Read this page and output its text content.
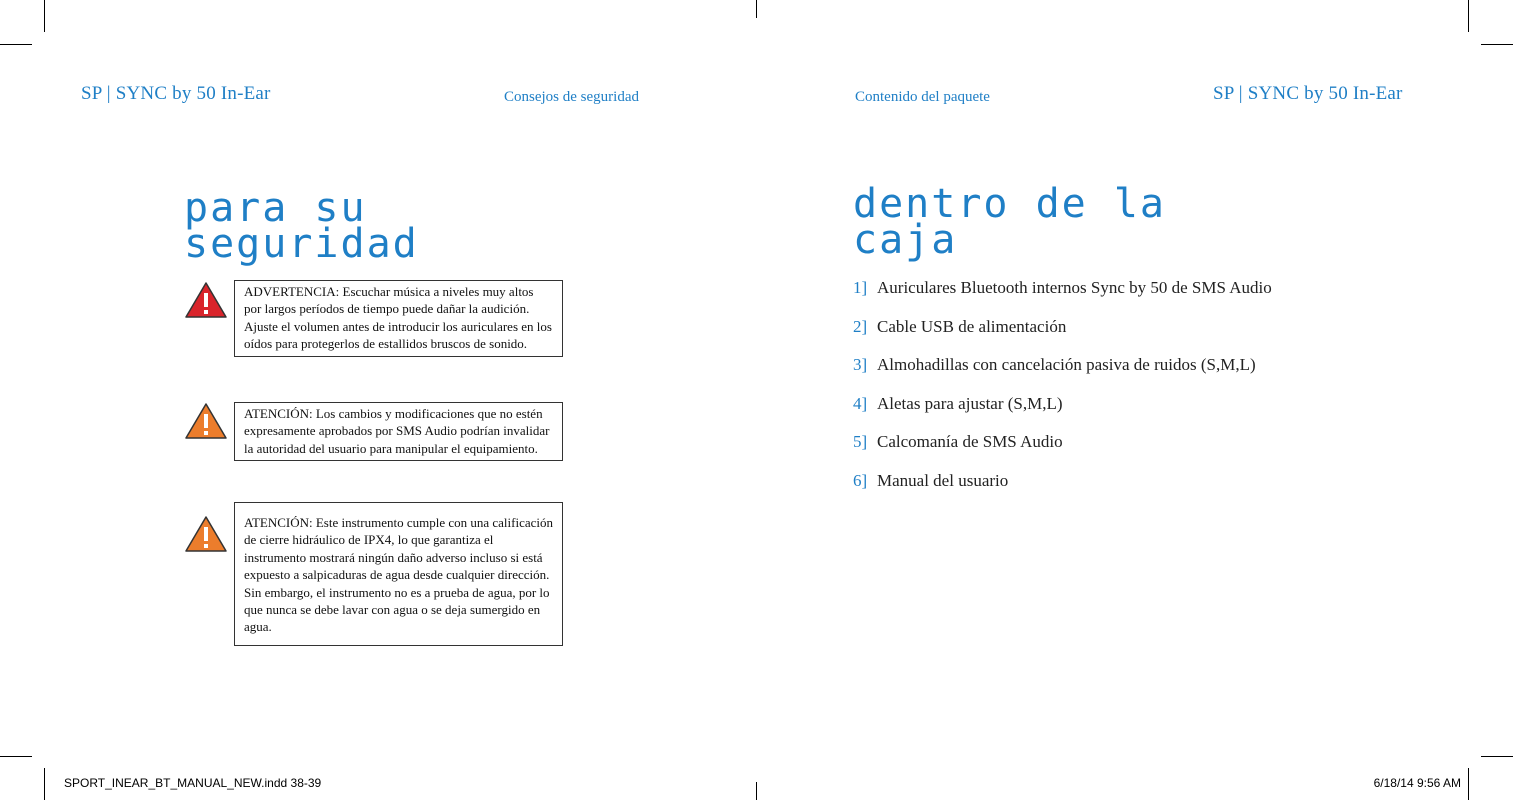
SP | SYNC by 50 In-Ear	Consejos de seguridad
para su
seguridad
ADVERTENCIA: Escuchar música a niveles muy altos por largos períodos de tiempo puede dañar la audición. Ajuste el volumen antes de introducir los auriculares en los oídos para protegerlos de estallidos bruscos de sonido.
ATENCIÓN: Los cambios y modificaciones que no estén expresamente aprobados por SMS Audio podrían invalidar la autoridad del usuario para manipular el equipamiento.
ATENCIÓN: Este instrumento cumple con una calificación de cierre hidráulico de IPX4, lo que garantiza el instrumento mostrará ningún daño adverso incluso si está expuesto a salpicaduras de agua desde cualquier dirección. Sin embargo, el instrumento no es a prueba de agua, por lo que nunca se debe lavar con agua o se deja sumergido en agua.
Contenido del paquete	SP | SYNC by 50 In-Ear
dentro de la
caja
1] Auriculares Bluetooth internos Sync by 50 de SMS Audio
2] Cable USB de alimentación
3] Almohadillas con cancelación pasiva de ruidos (S,M,L)
4] Aletas para ajustar (S,M,L)
5] Calcomanía de SMS Audio
6] Manual del usuario
SPORT_INEAR_BT_MANUAL_NEW.indd 38-39	6/18/14 9:56 AM
